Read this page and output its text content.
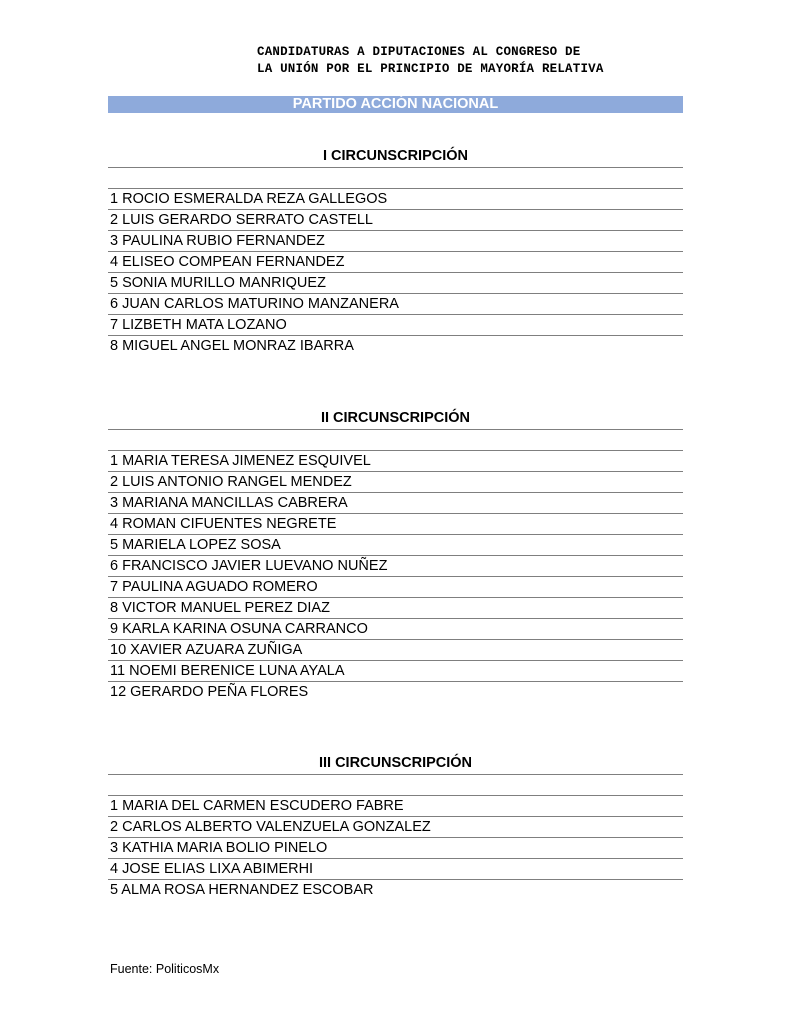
CANDIDATURAS A DIPUTACIONES AL CONGRESO DE
LA UNIÓN POR EL PRINCIPIO DE MAYORÍA RELATIVA
PARTIDO ACCIÓN NACIONAL
I CIRCUNSCRIPCIÓN
1 ROCIO ESMERALDA REZA GALLEGOS
2 LUIS GERARDO SERRATO CASTELL
3 PAULINA RUBIO FERNANDEZ
4 ELISEO COMPEAN FERNANDEZ
5 SONIA MURILLO MANRIQUEZ
6 JUAN CARLOS MATURINO MANZANERA
7 LIZBETH MATA LOZANO
8 MIGUEL ANGEL MONRAZ IBARRA
II CIRCUNSCRIPCIÓN
1 MARIA TERESA JIMENEZ ESQUIVEL
2 LUIS ANTONIO RANGEL MENDEZ
3 MARIANA MANCILLAS CABRERA
4 ROMAN CIFUENTES NEGRETE
5 MARIELA LOPEZ SOSA
6 FRANCISCO JAVIER LUEVANO NUÑEZ
7 PAULINA AGUADO ROMERO
8 VICTOR MANUEL PEREZ DIAZ
9 KARLA KARINA OSUNA CARRANCO
10 XAVIER AZUARA ZUÑIGA
11 NOEMI BERENICE LUNA AYALA
12 GERARDO PEÑA FLORES
III CIRCUNSCRIPCIÓN
1 MARIA DEL CARMEN ESCUDERO FABRE
2 CARLOS ALBERTO VALENZUELA GONZALEZ
3 KATHIA MARIA BOLIO PINELO
4 JOSE ELIAS LIXA ABIMERHI
5 ALMA ROSA HERNANDEZ ESCOBAR
Fuente: PoliticosMx
